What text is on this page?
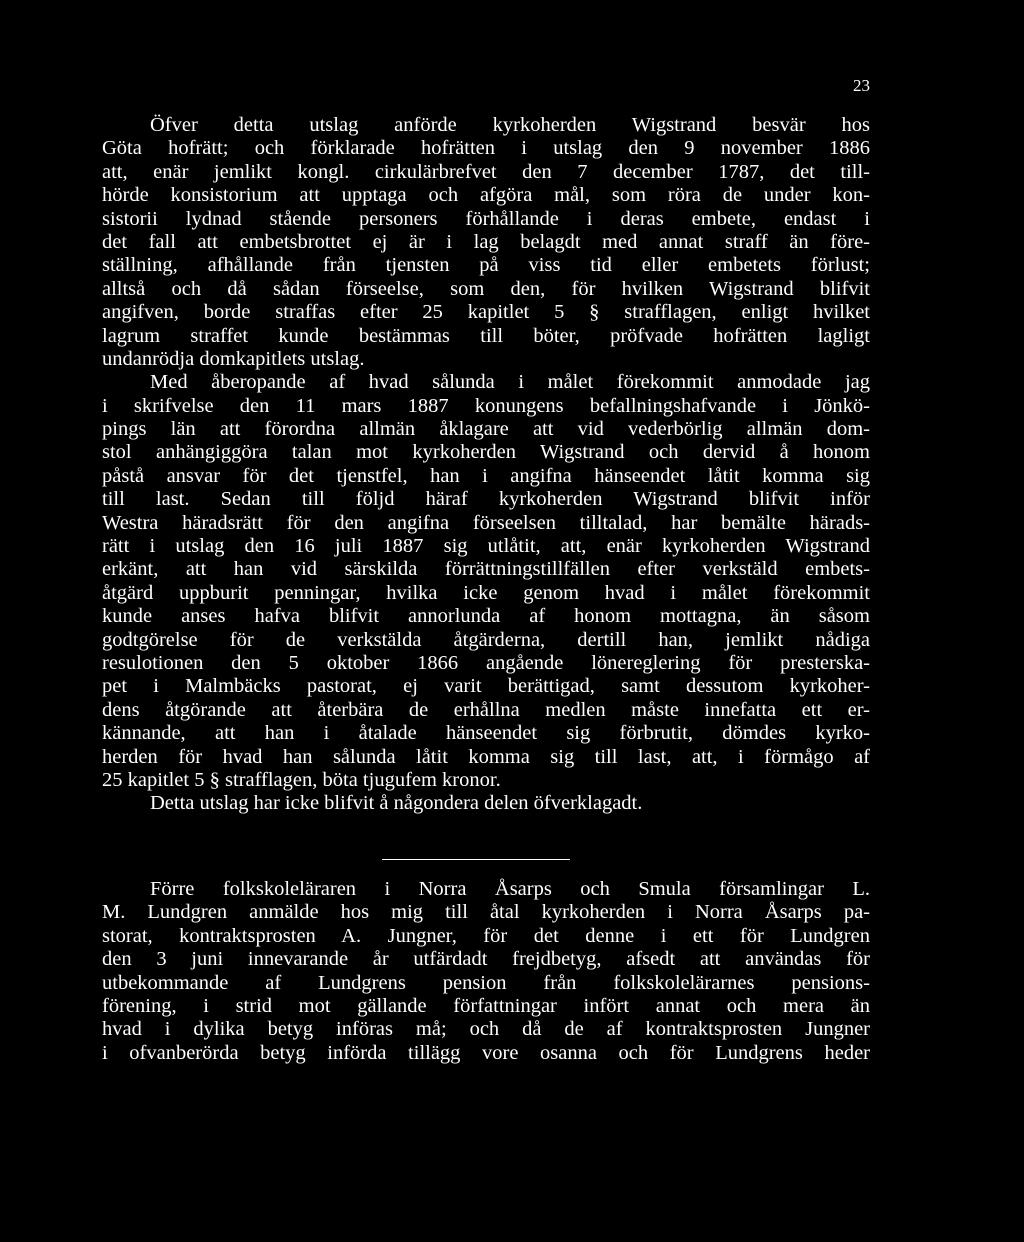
23
Öfver detta utslag anförde kyrkoherden Wigstrand besvär hos
Göta hofrätt; och förklarade hofrätten i utslag den 9 november 1886
att, enär jemlikt kongl. cirkulärbrefvet den 7 december 1787, det till-
hörde konsistorium att upptaga och afgöra mål, som röra de under kon-
sistorii lydnad stående personers förhållande i deras embete, endast i
det fall att embetsbrottet ej är i lag belagdt med annat straff än före-
ställning, afhållande från tjensten på viss tid eller embetets förlust;
alltså och då sådan förseelse, som den, för hvilken Wigstrand blifvit
angifven, borde straffas efter 25 kapitlet 5 § strafflagen, enligt hvilket
lagrum straffet kunde bestämmas till böter, pröfvade hofrätten lagligt
undanrödja domkapitlets utslag.
Med åberopande af hvad sålunda i målet förekommit anmodade jag
i skrifvelse den 11 mars 1887 konungens befallningshafvande i Jönkö-
pings län att förordna allmän åklagare att vid vederbörlig allmän dom-
stol anhängiggöra talan mot kyrkoherden Wigstrand och dervid å honom
påstå ansvar för det tjenstfel, han i angifna hänseendet låtit komma sig
till last. Sedan till följd häraf kyrkoherden Wigstrand blifvit inför
Westra häradsrätt för den angifna förseelsen tilltalad, har bemälte härads-
rätt i utslag den 16 juli 1887 sig utlåtit, att, enär kyrkoherden Wigstrand
erkänt, att han vid särskilda förrättningstillfällen efter verkstäld embets-
åtgärd uppburit penningar, hvilka icke genom hvad i målet förekommit
kunde anses hafva blifvit annorlunda af honom mottagna, än såsom
godtgörelse för de verkstälda åtgärderna, dertill han, jemlikt nådiga
resulotionen den 5 oktober 1866 angående lönereglering för presterska-
pet i Malmbäcks pastorat, ej varit berättigad, samt dessutom kyrkoher-
dens åtgörande att återbära de erhållna medlen måste innefatta ett er-
kännande, att han i åtalade hänseendet sig förbrutit, dömdes kyrko-
herden för hvad han sålunda låtit komma sig till last, att, i förmågo af
25 kapitlet 5 § strafflagen, böta tjugufem kronor.
Detta utslag har icke blifvit å någondera delen öfverklagadt.
Förre folkskoleläraren i Norra Åsarps och Smula församlingar L.
M. Lundgren anmälde hos mig till åtal kyrkoherden i Norra Åsarps pa-
storat, kontraktsprosten A. Jungner, för det denne i ett för Lundgren
den 3 juni innevarande år utfärdadt frejdbetyg, afsedt att användas för
utbekommande af Lundgrens pension från folkskolelärarnes pensions-
förening, i strid mot gällande författningar infört annat och mera än
hvad i dylika betyg införas må; och då de af kontraktsprosten Jungner
i ofvanberörda betyg införda tillägg vore osanna och för Lundgrens heder
